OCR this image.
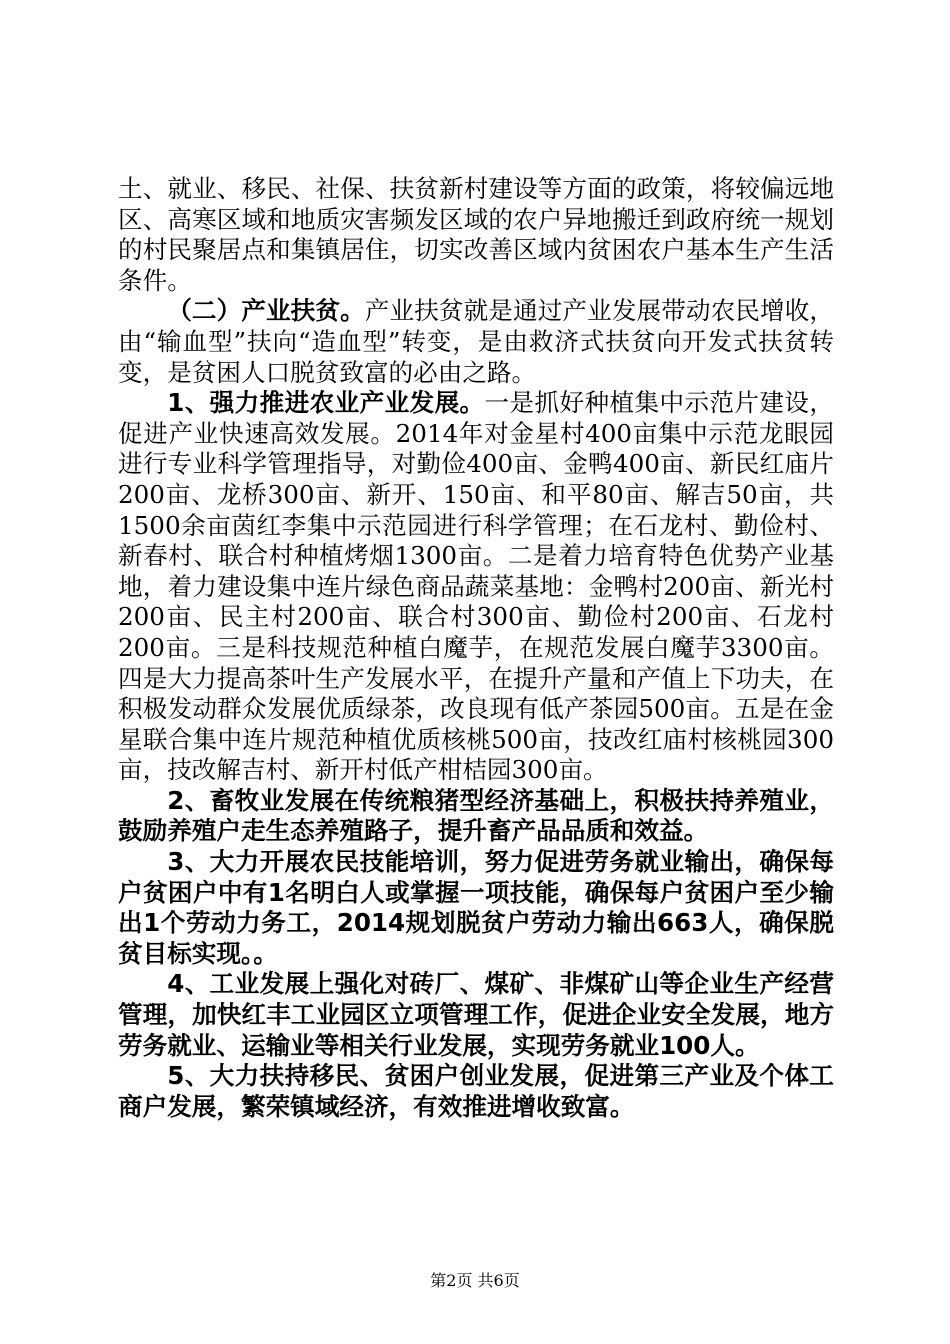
土、就业、移民、社保、扶贫新村建设等方面的政策，将较偏远地区、高寒区域和地质灾害频发区域的农户异地搬迁到政府统一规划的村民聚居点和集镇居住，切实改善区域内贫困农户基本生产生活条件。

（二）产业扶贫。产业扶贫就是通过产业发展带动农民增收，由“输血型”扶向“造血型”转变，是由救济式扶贫向开发式扶贫转变，是贫困人口脱贫致富的必由之路。

1、强力推进农业产业发展。一是抓好种植集中示范片建设，促进产业快速高效发展。2014年对金星村400亩集中示范龙眼园进行专业科学管理指导，对勤俭400亩、金鸭400亩、新民红庙片200亩、龙桥300亩、新开、150亩、和平80亩、解吉50亩，共1500余亩茵红李集中示范园进行科学管理；在石龙村、勤俭村、新春村、联合村种植烤烟1300亩。二是着力培育特色优势产业基地，着力建设集中连片绿色商品蔬菜基地：金鸭村200亩、新光村200亩、民主村200亩、联合村300亩、勤俭村200亩、石龙村200亩。三是科技规范种植白魔芋，在规范发展白魔芋3300亩。四是大力提高茶叶生产发展水平，在提升产量和产值上下功夫，在积极发动群众发展优质绿茶，改良现有低产茶园500亩。五是在金星联合集中连片规范种植优质核桃500亩，技改红庙村核桃园300亩，技改解吉村、新开村低产柑桔园300亩。

2、畜牧业发展在传统粮猪型经济基础上，积极扶持养殖业，鼓励养殖户走生态养殖路子，提升畜产品品质和效益。

3、大力开展农民技能培训，努力促进劳务就业输出，确保每户贫困户中有1名明白人或掌握一项技能，确保每户贫困户至少输出1个劳动力务工，2014规划脱贫户劳动力输出663人，确保脱贫目标实现。。

4、工业发展上强化对砖厂、煤矿、非煤矿山等企业生产经营管理，加快红丰工业园区立项管理工作，促进企业安全发展，地方劳务就业、运输业等相关行业发展，实现劳务就业100人。

5、大力扶持移民、贫困户创业发展，促进第三产业及个体工商户发展，繁荣镇域经济，有效推进增收致富。

第2页 共6页
